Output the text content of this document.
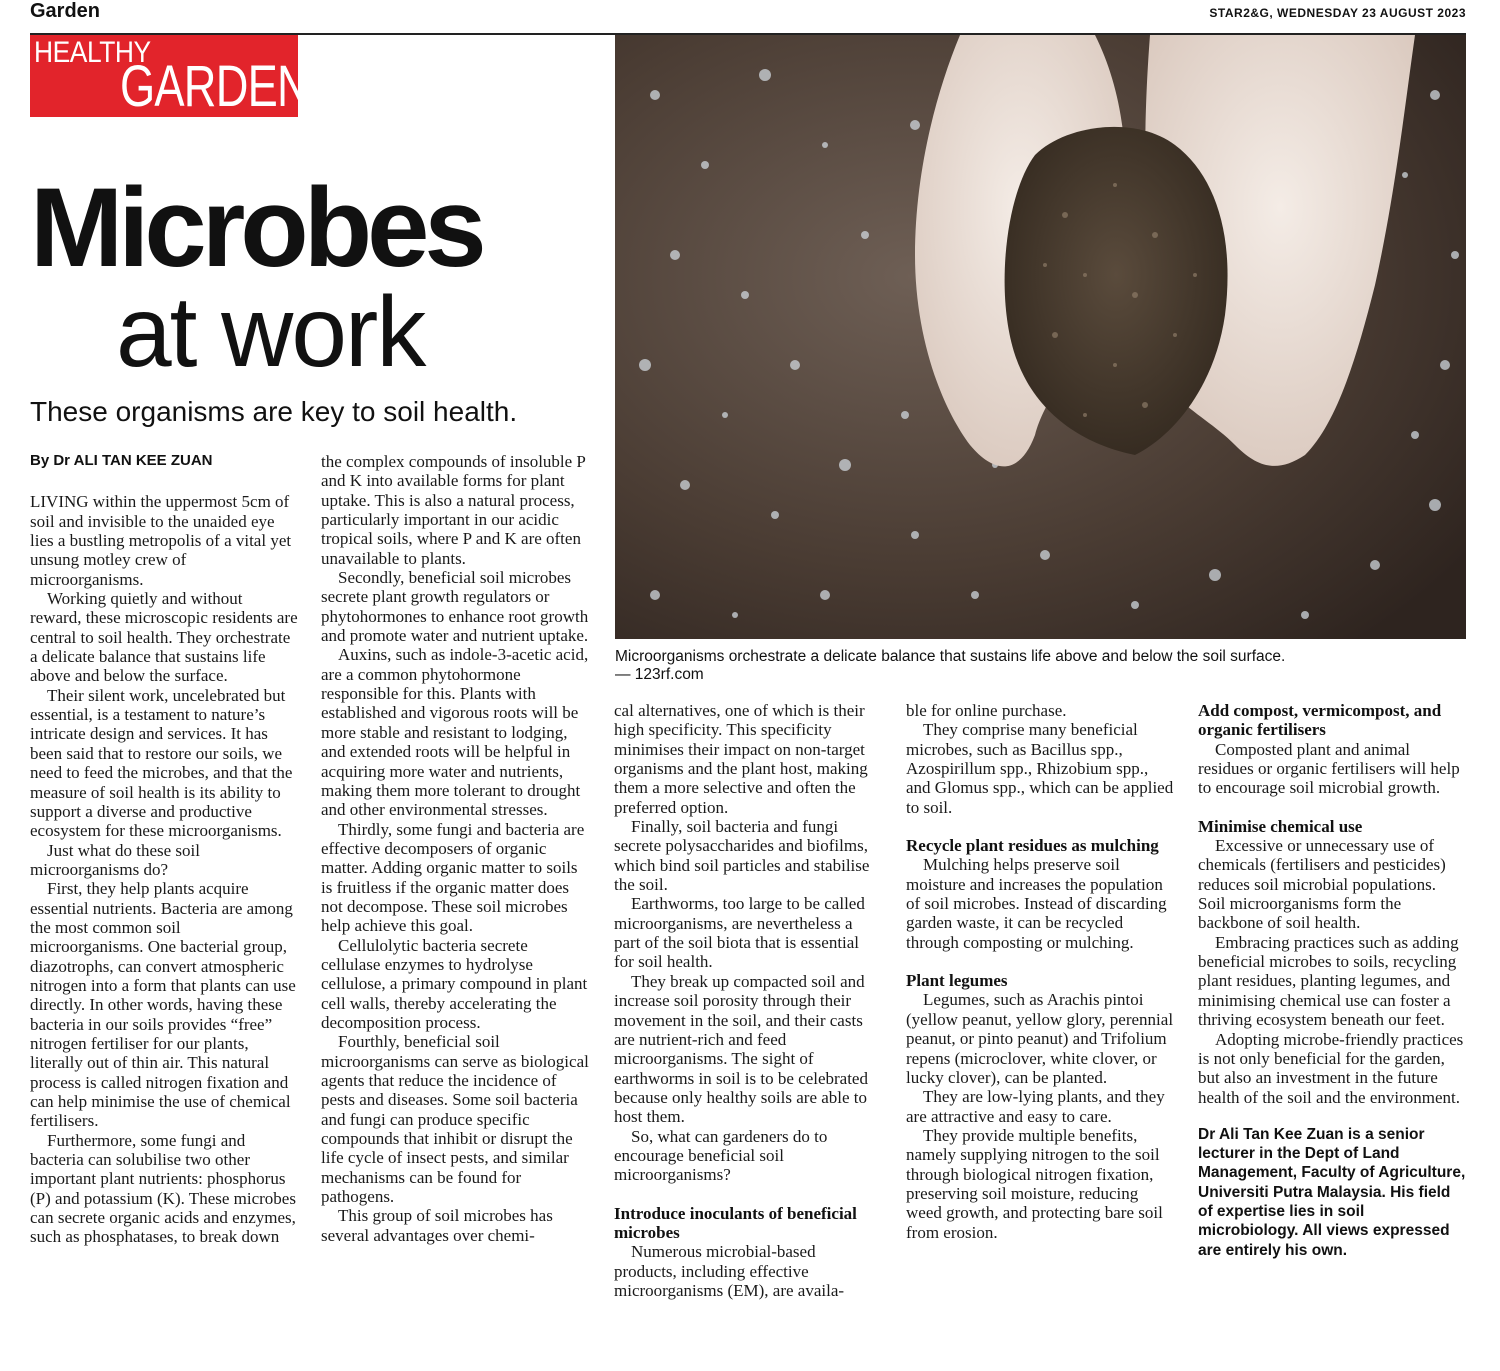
Garden	STAR2&G, WEDNESDAY 23 AUGUST 2023
HEALTHY
GARDEN
Microbes
at work
These organisms are key to soil health.
Microorganisms orchestrate a delicate balance that sustains life above and below the soil surface.
— 123rf.com
By Dr ALI TAN KEE ZUAN

LIVING within the uppermost 5cm of soil and invisible to the unaided eye lies a bustling metropolis of a vital yet unsung motley crew of microorganisms.

Working quietly and without reward, these microscopic residents are central to soil health. They orchestrate a delicate balance that sustains life above and below the surface.

Their silent work, uncelebrated but essential, is a testament to nature’s intricate design and services. It has been said that to restore our soils, we need to feed the microbes, and that the measure of soil health is its ability to support a diverse and productive ecosystem for these microorganisms.

Just what do these soil microorganisms do?

First, they help plants acquire essential nutrients. Bacteria are among the most common soil microorganisms. One bacterial group, diazotrophs, can convert atmospheric nitrogen into a form that plants can use directly. In other words, having these bacteria in our soils provides “free” nitrogen fertiliser for our plants, literally out of thin air. This natural process is called nitrogen fixation and can help minimise the use of chemical fertilisers.

Furthermore, some fungi and bacteria can solubilise two other important plant nutrients: phosphorus (P) and potassium (K). These microbes can secrete organic acids and enzymes, such as phosphatases, to break down

the complex compounds of insoluble P and K into available forms for plant uptake. This is also a natural process, particularly important in our acidic tropical soils, where P and K are often unavailable to plants.

Secondly, beneficial soil microbes secrete plant growth regulators or phytohormones to enhance root growth and promote water and nutrient uptake.

Auxins, such as indole-3-acetic acid, are a common phytohormone responsible for this. Plants with established and vigorous roots will be more stable and resistant to lodging, and extended roots will be helpful in acquiring more water and nutrients, making them more tolerant to drought and other environmental stresses.

Thirdly, some fungi and bacteria are effective decomposers of organic matter. Adding organic matter to soils is fruitless if the organic matter does not decompose. These soil microbes help achieve this goal.

Cellulolytic bacteria secrete cellulase enzymes to hydrolyse cellulose, a primary compound in plant cell walls, thereby accelerating the decomposition process.

Fourthly, beneficial soil microorganisms can serve as biological agents that reduce the incidence of pests and diseases. Some soil bacteria and fungi can produce specific compounds that inhibit or disrupt the life cycle of insect pests, and similar mechanisms can be found for pathogens.

This group of soil microbes has several advantages over chemi-

cal alternatives, one of which is their high specificity. This specificity minimises their impact on non-target organisms and the plant host, making them a more selective and often the preferred option.

Finally, soil bacteria and fungi secrete polysaccharides and biofilms, which bind soil particles and stabilise the soil.

Earthworms, too large to be called microorganisms, are nevertheless a part of the soil biota that is essential for soil health.

They break up compacted soil and increase soil porosity through their movement in the soil, and their casts are nutrient-rich and feed microorganisms. The sight of earthworms in soil is to be celebrated because only healthy soils are able to host them.

So, what can gardeners do to encourage beneficial soil microorganisms?

Introduce inoculants of beneficial microbes

Numerous microbial-based products, including effective microorganisms (EM), are availa-

ble for online purchase.

They comprise many beneficial microbes, such as Bacillus spp., Azospirillum spp., Rhizobium spp., and Glomus spp., which can be applied to soil.

Recycle plant residues as mulching

Mulching helps preserve soil moisture and increases the population of soil microbes. Instead of discarding garden waste, it can be recycled through composting or mulching.

Plant legumes

Legumes, such as Arachis pintoi (yellow peanut, yellow glory, perennial peanut, or pinto peanut) and Trifolium repens (microclover, white clover, or lucky clover), can be planted.

They are low-lying plants, and they are attractive and easy to care.

They provide multiple benefits, namely supplying nitrogen to the soil through biological nitrogen fixation, preserving soil moisture, reducing weed growth, and protecting bare soil from erosion.

Add compost, vermicompost, and organic fertilisers

Composted plant and animal residues or organic fertilisers will help to encourage soil microbial growth.

Minimise chemical use

Excessive or unnecessary use of chemicals (fertilisers and pesticides) reduces soil microbial populations. Soil microorganisms form the backbone of soil health.

Embracing practices such as adding beneficial microbes to soils, recycling plant residues, planting legumes, and minimising chemical use can foster a thriving ecosystem beneath our feet.

Adopting microbe-friendly practices is not only beneficial for the garden, but also an investment in the future health of the soil and the environment.

Dr Ali Tan Kee Zuan is a senior lecturer in the Dept of Land Management, Faculty of Agriculture, Universiti Putra Malaysia. His field of expertise lies in soil microbiology. All views expressed are entirely his own.
